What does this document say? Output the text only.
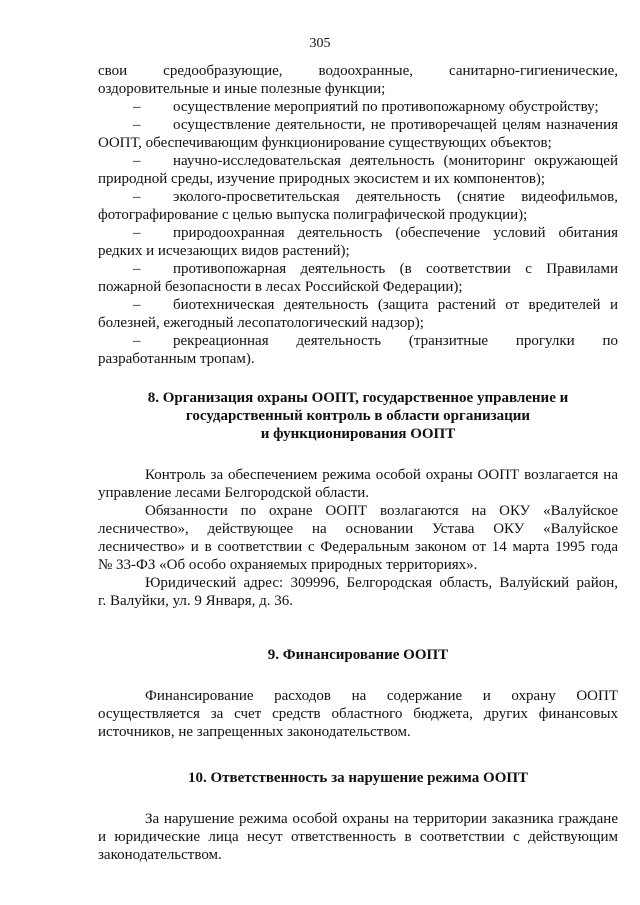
305

свои средообразующие, водоохранные, санитарно-гигиенические,
оздоровительные и иные полезные функции;

– осуществление мероприятий по противопожарному обустройству;

– осуществление деятельности, не противоречащей целям назначения
ООПТ, обеспечивающим функционирование существующих объектов;

– научно-исследовательская деятельность (мониторинг окружающей
природной среды, изучение природных экосистем и их компонентов);

– эколого-просветительская деятельность (снятие видеофильмов,
фотографирование с целью выпуска полиграфической продукции);

– природоохранная деятельность (обеспечение условий обитания
редких и исчезающих видов растений);

– противопожарная деятельность (в соответствии с Правилами
пожарной безопасности в лесах Российской Федерации);

– биотехническая деятельность (защита растений от вредителей и
болезней, ежегодный лесопатологический надзор);

– рекреационная деятельность (транзитные прогулки по
разработанным тропам).

8. Организация охраны ООПТ, государственное управление и
государственный контроль в области организации
и функционирования ООПТ

Контроль за обеспечением режима особой охраны ООПТ возлагается на
управление лесами Белгородской области.

Обязанности по охране ООПТ возлагаются на ОКУ «Валуйское
лесничество», действующее на основании Устава ОКУ «Валуйское
лесничество» и в соответствии с Федеральным законом от 14 марта 1995 года
№ 33-ФЗ «Об особо охраняемых природных территориях».

Юридический адрес: 309996, Белгородская область, Валуйский район,
г. Валуйки, ул. 9 Января, д. 36.

9. Финансирование ООПТ

Финансирование расходов на содержание и охрану ООПТ
осуществляется за счет средств областного бюджета, других финансовых
источников, не запрещенных законодательством.

10. Ответственность за нарушение режима ООПТ

За нарушение режима особой охраны на территории заказника граждане
и юридические лица несут ответственность в соответствии с действующим
законодательством.
